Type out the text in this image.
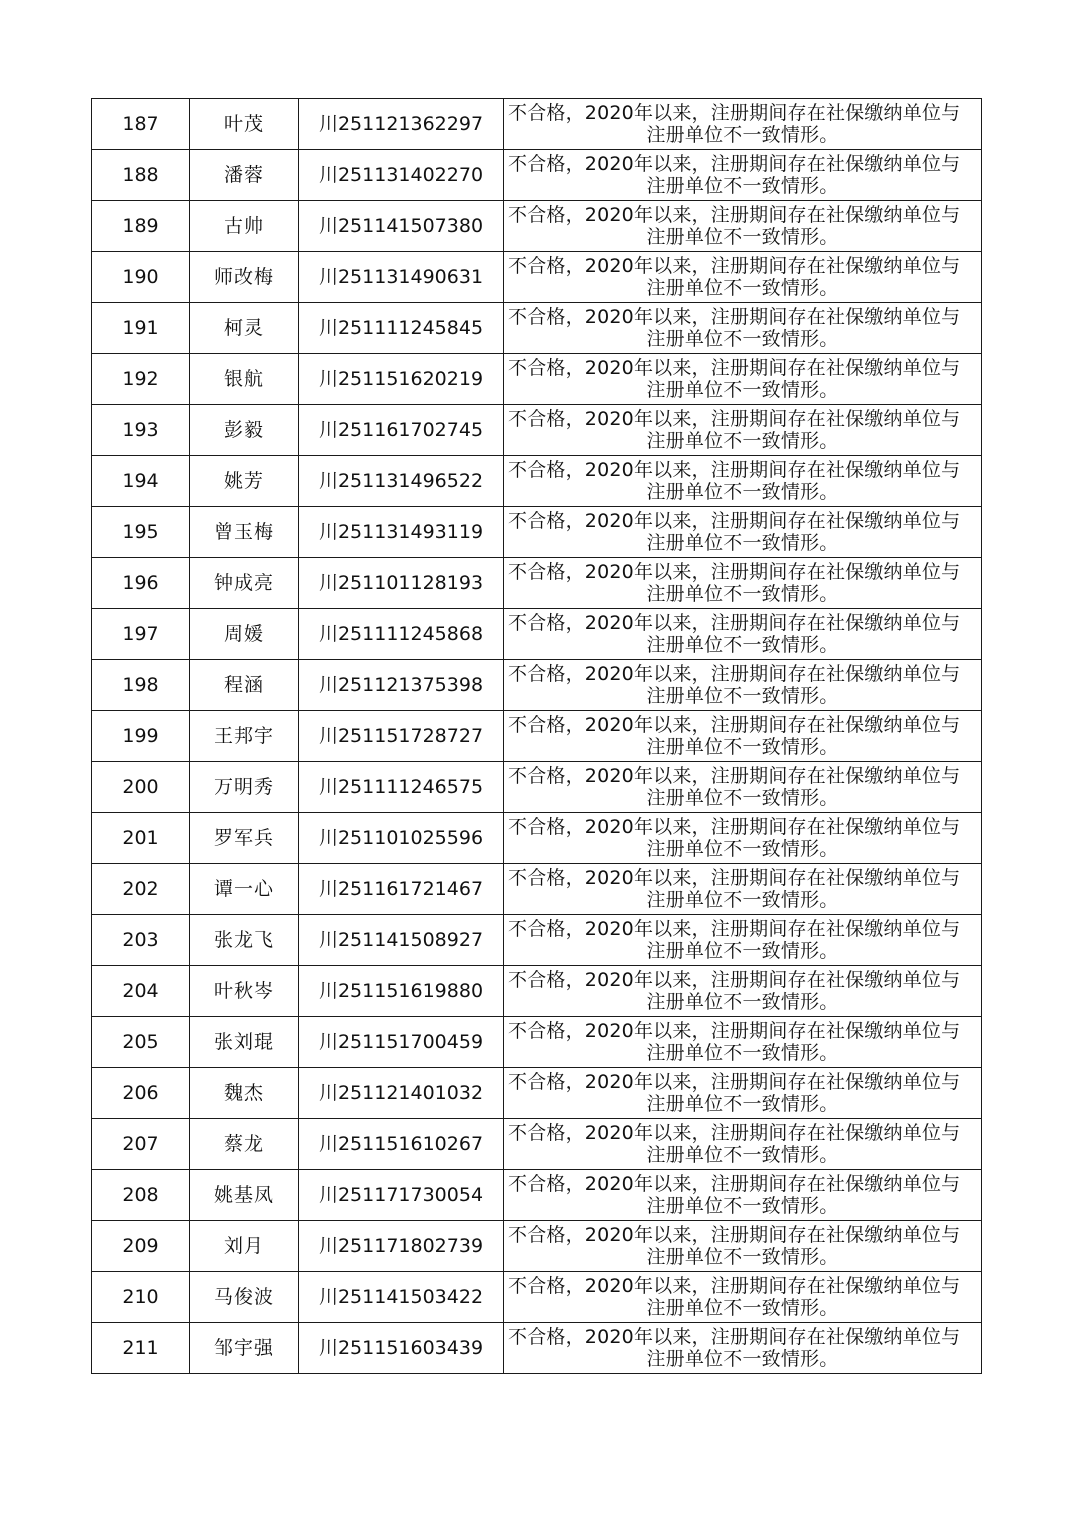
187	叶茂	川251121362297	不合格，2020年以来，注册期间存在社保缴纳单位与
注册单位不一致情形。

188	潘蓉	川251131402270	不合格，2020年以来，注册期间存在社保缴纳单位与
注册单位不一致情形。

189	古帅	川251141507380	不合格，2020年以来，注册期间存在社保缴纳单位与
注册单位不一致情形。

190	师改梅	川251131490631	不合格，2020年以来，注册期间存在社保缴纳单位与
注册单位不一致情形。

191	柯灵	川251111245845	不合格，2020年以来，注册期间存在社保缴纳单位与
注册单位不一致情形。

192	银航	川251151620219	不合格，2020年以来，注册期间存在社保缴纳单位与
注册单位不一致情形。

193	彭毅	川251161702745	不合格，2020年以来，注册期间存在社保缴纳单位与
注册单位不一致情形。

194	姚芳	川251131496522	不合格，2020年以来，注册期间存在社保缴纳单位与
注册单位不一致情形。

195	曾玉梅	川251131493119	不合格，2020年以来，注册期间存在社保缴纳单位与
注册单位不一致情形。

196	钟成亮	川251101128193	不合格，2020年以来，注册期间存在社保缴纳单位与
注册单位不一致情形。

197	周媛	川251111245868	不合格，2020年以来，注册期间存在社保缴纳单位与
注册单位不一致情形。

198	程涵	川251121375398	不合格，2020年以来，注册期间存在社保缴纳单位与
注册单位不一致情形。

199	王邦宇	川251151728727	不合格，2020年以来，注册期间存在社保缴纳单位与
注册单位不一致情形。

200	万明秀	川251111246575	不合格，2020年以来，注册期间存在社保缴纳单位与
注册单位不一致情形。

201	罗军兵	川251101025596	不合格，2020年以来，注册期间存在社保缴纳单位与
注册单位不一致情形。

202	谭一心	川251161721467	不合格，2020年以来，注册期间存在社保缴纳单位与
注册单位不一致情形。

203	张龙飞	川251141508927	不合格，2020年以来，注册期间存在社保缴纳单位与
注册单位不一致情形。

204	叶秋岑	川251151619880	不合格，2020年以来，注册期间存在社保缴纳单位与
注册单位不一致情形。

205	张刘琨	川251151700459	不合格，2020年以来，注册期间存在社保缴纳单位与
注册单位不一致情形。

206	魏杰	川251121401032	不合格，2020年以来，注册期间存在社保缴纳单位与
注册单位不一致情形。

207	蔡龙	川251151610267	不合格，2020年以来，注册期间存在社保缴纳单位与
注册单位不一致情形。

208	姚基凤	川251171730054	不合格，2020年以来，注册期间存在社保缴纳单位与
注册单位不一致情形。

209	刘月	川251171802739	不合格，2020年以来，注册期间存在社保缴纳单位与
注册单位不一致情形。

210	马俊波	川251141503422	不合格，2020年以来，注册期间存在社保缴纳单位与
注册单位不一致情形。

211	邹宇强	川251151603439	不合格，2020年以来，注册期间存在社保缴纳单位与
注册单位不一致情形。
